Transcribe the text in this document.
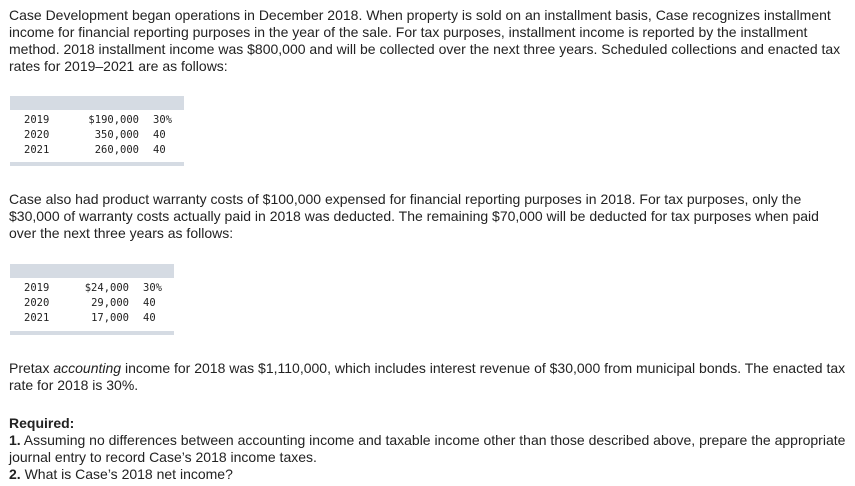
Case Development began operations in December 2018. When property is sold on an installment basis, Case recognizes installment income for financial reporting purposes in the year of the sale. For tax purposes, installment income is reported by the installment method. 2018 installment income was $800,000 and will be collected over the next three years. Scheduled collections and enacted tax rates for 2019–2021 are as follows:

2019	$190,000	30%
2020	350,000	40
2021	260,000	40

Case also had product warranty costs of $100,000 expensed for financial reporting purposes in 2018. For tax purposes, only the $30,000 of warranty costs actually paid in 2018 was deducted. The remaining $70,000 will be deducted for tax purposes when paid over the next three years as follows:

2019	$24,000	30%
2020	29,000	40
2021	17,000	40

Pretax accounting income for 2018 was $1,110,000, which includes interest revenue of $30,000 from municipal bonds. The enacted tax rate for 2018 is 30%.

Required:
1. Assuming no differences between accounting income and taxable income other than those described above, prepare the appropriate journal entry to record Case’s 2018 income taxes.
2. What is Case’s 2018 net income?
